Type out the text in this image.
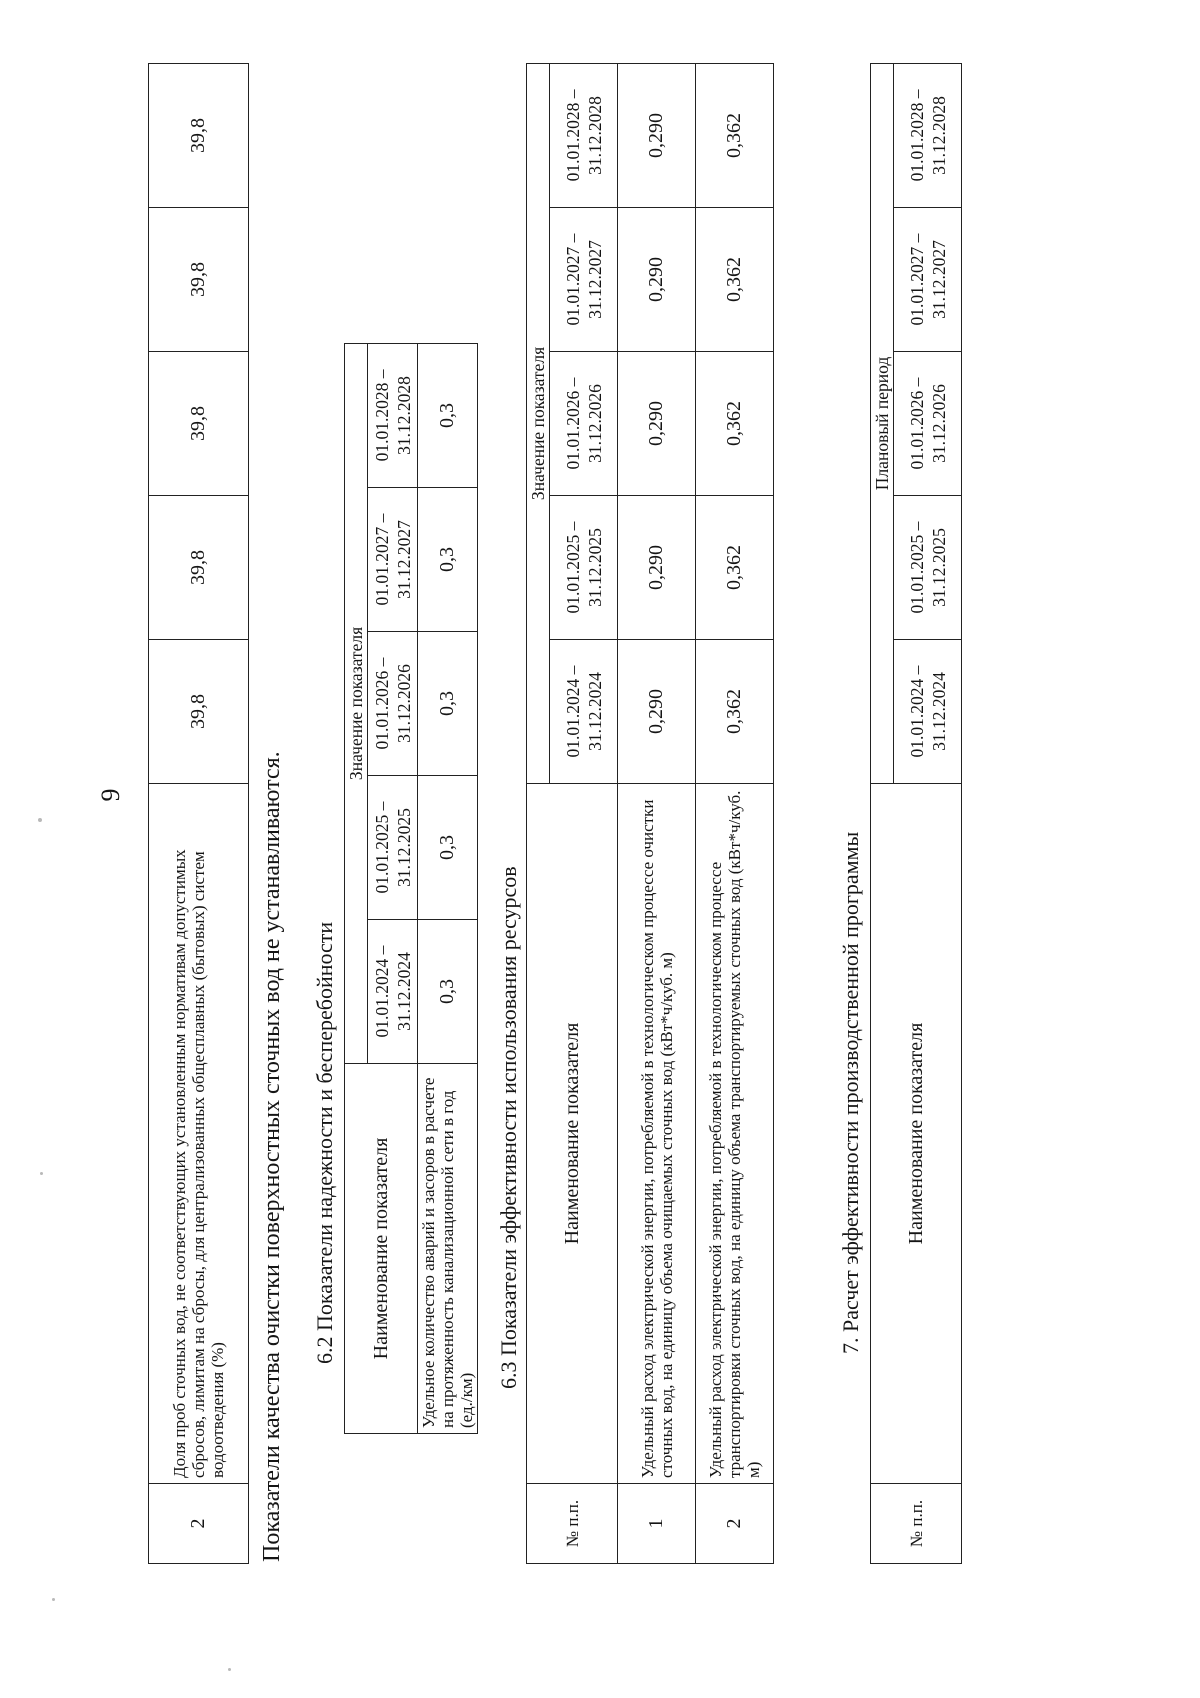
9
2	Доля проб сточных вод, не соответствующих установленным нормативам допустимых сбросов, лимитам на сбросы, для централизованных общесплавных (бытовых) систем водоотведения (%)	39,8	39,8	39,8	39,8	39,8
Показатели качества очистки поверхностных сточных вод не устанавливаются. 6.2 Показатели надежности и бесперебойности Наименование показателя	Значение показателя				
	01.01.2024 – 31.12.2024	01.01.2025 – 31.12.2025	01.01.2026 – 31.12.2026	01.01.2027 – 31.12.2027	01.01.2028 – 31.12.2028
Удельное количество аварий и засоров в расчете на протяженность канализационной сети в год (ед./км)	0,3	0,3	0,3	0,3	0,3
6.3 Показатели эффективности использования ресурсов
№ п.п.	Наименование показателя	Значение показателя				
		01.01.2024 – 31.12.2024	01.01.2025 – 31.12.2025	01.01.2026 – 31.12.2026	01.01.2027 – 31.12.2027	01.01.2028 – 31.12.2028
1	Удельный расход электрической энергии, потребляемой в технологическом процессе очистки сточных вод, на единицу объема очищаемых сточных вод (кВт*ч/куб. м)	0,290	0,290	0,290	0,290	0,290
2	Удельный расход электрической энергии, потребляемой в технологическом процессе транспортировки сточных вод, на единицу объема транспортируемых сточных вод (кВт*ч/куб. м)	0,362	0,362	0,362	0,362	0,362
7. Расчет эффективности производственной программы
№ п.п.	Наименование показателя	Плановый период				
		01.01.2024 – 31.12.2024	01.01.2025 – 31.12.2025	01.01.2026 – 31.12.2026	01.01.2027 – 31.12.2027	01.01.2028 – 31.12.2028
